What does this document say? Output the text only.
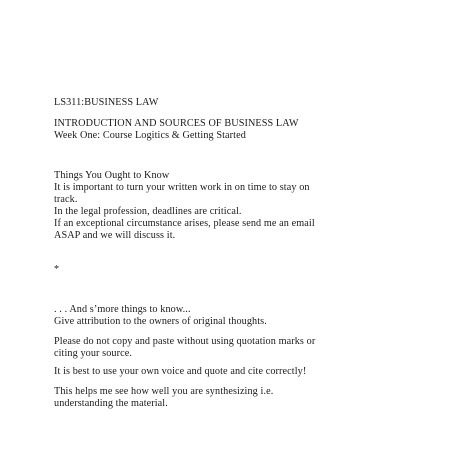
LS311:BUSINESS LAW
INTRODUCTION AND SOURCES OF BUSINESS LAW
Week One: Course Logitics & Getting Started
Things You Ought to Know
It is important to turn your written work in on time to stay on
track.
In the legal profession, deadlines are critical.
If an exceptional circumstance arises, please send me an email
ASAP and we will discuss it.
*
. . . And s’more things to know...
Give attribution to the owners of original thoughts.
Please do not copy and paste without using quotation marks or
citing your source.
It is best to use your own voice and quote and cite correctly!
This helps me see how well you are synthesizing i.e.
understanding the material.
